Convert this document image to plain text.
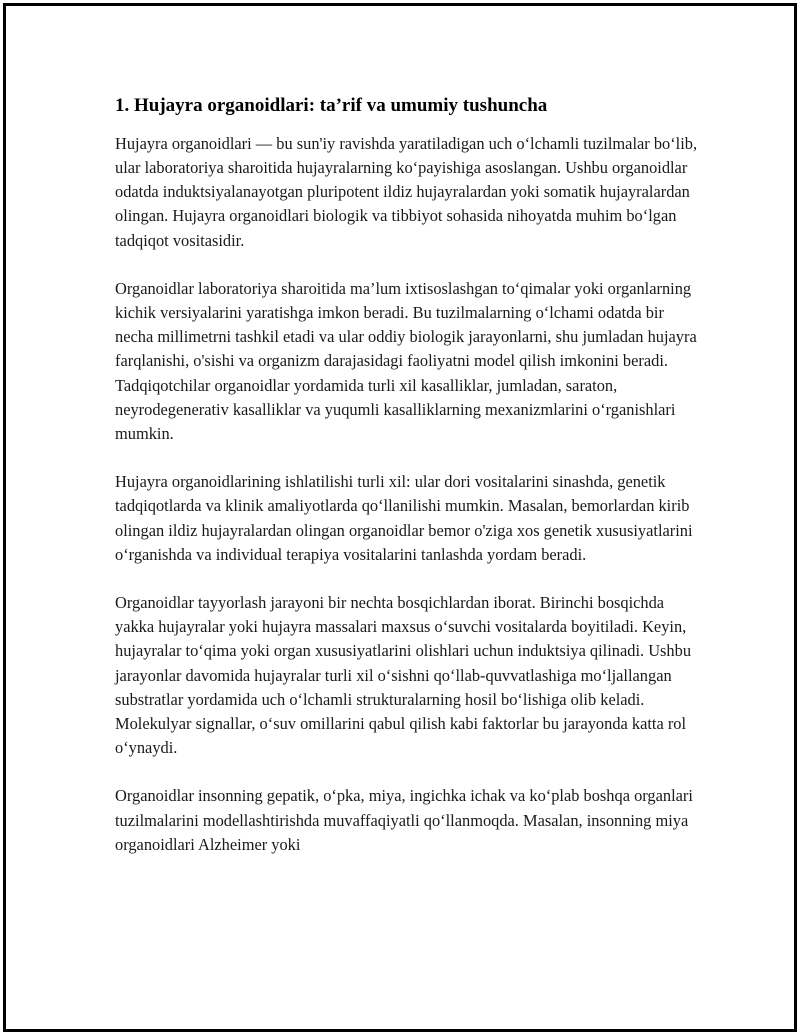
1. Hujayra organoidlari: ta’rif va umumiy tushuncha

Hujayra organoidlari — bu sun'iy ravishda yaratiladigan uch o‘lchamli tuzilmalar bo‘lib, ular laboratoriya sharoitida hujayralarning ko‘payishiga asoslangan. Ushbu organoidlar odatda induktsiyalanayotgan pluripotent ildiz hujayralardan yoki somatik hujayralardan olingan. Hujayra organoidlari biologik va tibbiyot sohasida nihoyatda muhim bo‘lgan tadqiqot vositasidir.

Organoidlar laboratoriya sharoitida ma’lum ixtisoslashgan to‘qimalar yoki organlarning kichik versiyalarini yaratishga imkon beradi. Bu tuzilmalarning o‘lchami odatda bir necha millimetrni tashkil etadi va ular oddiy biologik jarayonlarni, shu jumladan hujayra farqlanishi, o'sishi va organizm darajasidagi faoliyatni model qilish imkonini beradi. Tadqiqotchilar organoidlar yordamida turli xil kasalliklar, jumladan, saraton, neyrodegenerativ kasalliklar va yuqumli kasalliklarning mexanizmlarini o‘rganishlari mumkin.

Hujayra organoidlarining ishlatilishi turli xil: ular dori vositalarini sinashda, genetik tadqiqotlarda va klinik amaliyotlarda qo‘llanilishi mumkin. Masalan, bemorlardan kirib olingan ildiz hujayralardan olingan organoidlar bemor o'ziga xos genetik xususiyatlarini o‘rganishda va individual terapiya vositalarini tanlashda yordam beradi.

Organoidlar tayyorlash jarayoni bir nechta bosqichlardan iborat. Birinchi bosqichda yakka hujayralar yoki hujayra massalari maxsus o‘suvchi vositalarda boyitiladi. Keyin, hujayralar to‘qima yoki organ xususiyatlarini olishlari uchun induktsiya qilinadi. Ushbu jarayonlar davomida hujayralar turli xil o‘sishni qo‘llab-quvvatlashiga mo‘ljallangan substratlar yordamida uch o‘lchamli strukturalarning hosil bo‘lishiga olib keladi. Molekulyar signallar, o‘suv omillarini qabul qilish kabi faktorlar bu jarayonda katta rol o‘ynaydi.

Organoidlar insonning gepatik, o‘pka, miya, ingichka ichak va ko‘plab boshqa organlari tuzilmalarini modellashtirishda muvaffaqiyatli qo‘llanmoqda. Masalan, insonning miya organoidlari Alzheimer yoki
